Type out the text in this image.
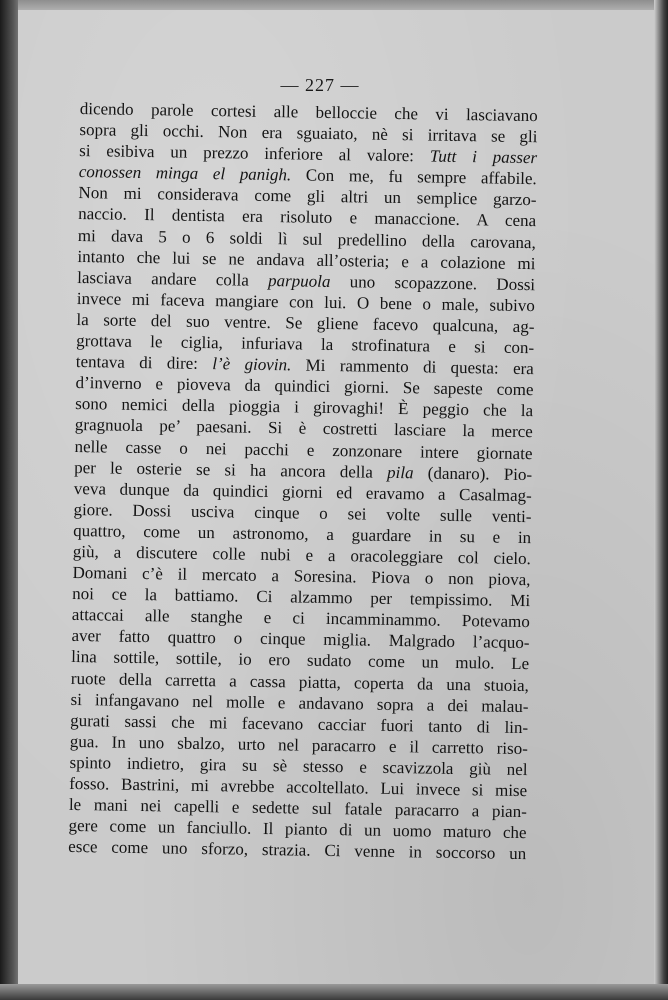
— 227 —
dicendo parole cortesi alle belloccie che vi lasciavano
sopra gli occhi. Non era sguaiato, nè si irritava se gli
si esibiva un prezzo inferiore al valore: Tutt i passer
conossen minga el panigh. Con me, fu sempre affabile.
Non mi considerava come gli altri un semplice garzo-
naccio. Il dentista era risoluto e manaccione. A cena
mi dava 5 o 6 soldi lì sul predellino della carovana,
intanto che lui se ne andava all’osteria; e a colazione mi
lasciava andare colla parpuola uno scopazzone. Dossi
invece mi faceva mangiare con lui. O bene o male, subivo
la sorte del suo ventre. Se gliene facevo qualcuna, ag-
grottava le ciglia, infuriava la strofinatura e si con-
tentava di dire: l’è giovin. Mi rammento di questa: era
d’inverno e pioveva da quindici giorni. Se sapeste come
sono nemici della pioggia i girovaghi! È peggio che la
gragnuola pe’ paesani. Si è costretti lasciare la merce
nelle casse o nei pacchi e zonzonare intere giornate
per le osterie se si ha ancora della pila (danaro). Pio-
veva dunque da quindici giorni ed eravamo a Casalmag-
giore. Dossi usciva cinque o sei volte sulle venti-
quattro, come un astronomo, a guardare in su e in
giù, a discutere colle nubi e a oracoleggiare col cielo.
Domani c’è il mercato a Soresina. Piova o non piova,
noi ce la battiamo. Ci alzammo per tempissimo. Mi
attaccai alle stanghe e ci incamminammo. Potevamo
aver fatto quattro o cinque miglia. Malgrado l’acquo-
lina sottile, sottile, io ero sudato come un mulo. Le
ruote della carretta a cassa piatta, coperta da una stuoia,
si infangavano nel molle e andavano sopra a dei malau-
gurati sassi che mi facevano cacciar fuori tanto di lin-
gua. In uno sbalzo, urto nel paracarro e il carretto riso-
spinto indietro, gira su sè stesso e scavizzola giù nel
fosso. Bastrini, mi avrebbe accoltellato. Lui invece si mise
le mani nei capelli e sedette sul fatale paracarro a pian-
gere come un fanciullo. Il pianto di un uomo maturo che
esce come uno sforzo, strazia. Ci venne in soccorso un
